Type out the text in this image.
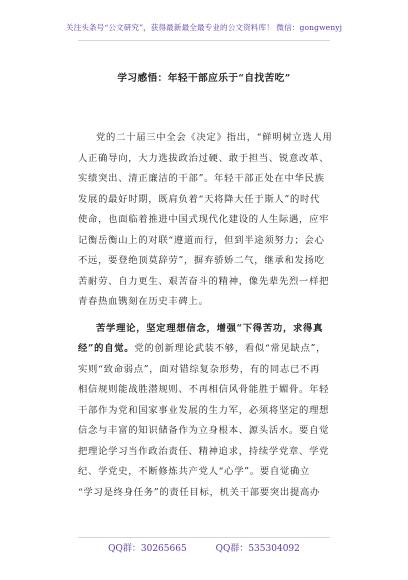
关注头条号“公文研究”，获得最新最全最专业的公文资料库！ 微信：gongwenyj
学习感悟：年轻干部应乐于“自找苦吃”
党的二十届三中全会《决定》指出，“鲜明树立选人用
人正确导向，大力选拔政治过硬、敢于担当、锐意改革、
实绩突出、清正廉洁的干部”。年轻干部正处在中华民族
发展的最好时期，既肩负着“天将降大任于斯人”的时代
使命，也面临着推进中国式现代化建设的人生际遇，应牢
记衡岳衡山上的对联“遵道而行，但到半途须努力；会心
不远，要登绝顶莫辞劳”，摒弃骄娇二气，继承和发扬吃
苦耐劳、自力更生、艰苦奋斗的精神，像先辈先烈一样把
青春热血镌刻在历史丰碑上。
苦学理论，坚定理想信念，增强“下得苦功，求得真
经”的自觉。党的创新理论武装不够，看似“常见缺点”，
实则“致命弱点”，面对错综复杂形势，有的同志已不再
相信规则能战胜潜规则、不再相信风骨能胜于媚骨。年轻
干部作为党和国家事业发展的生力军，必须将坚定的理想
信念与丰富的知识储备作为立身根本、源头活水。要自觉
把理论学习当作政治责任、精神追求，持续学党章、学党
纪、学党史，不断修炼共产党人“心学”。要自觉确立
“学习是终身任务”的责任目标，机关干部要突出提高办
QQ群：30265665	QQ群：535304092
